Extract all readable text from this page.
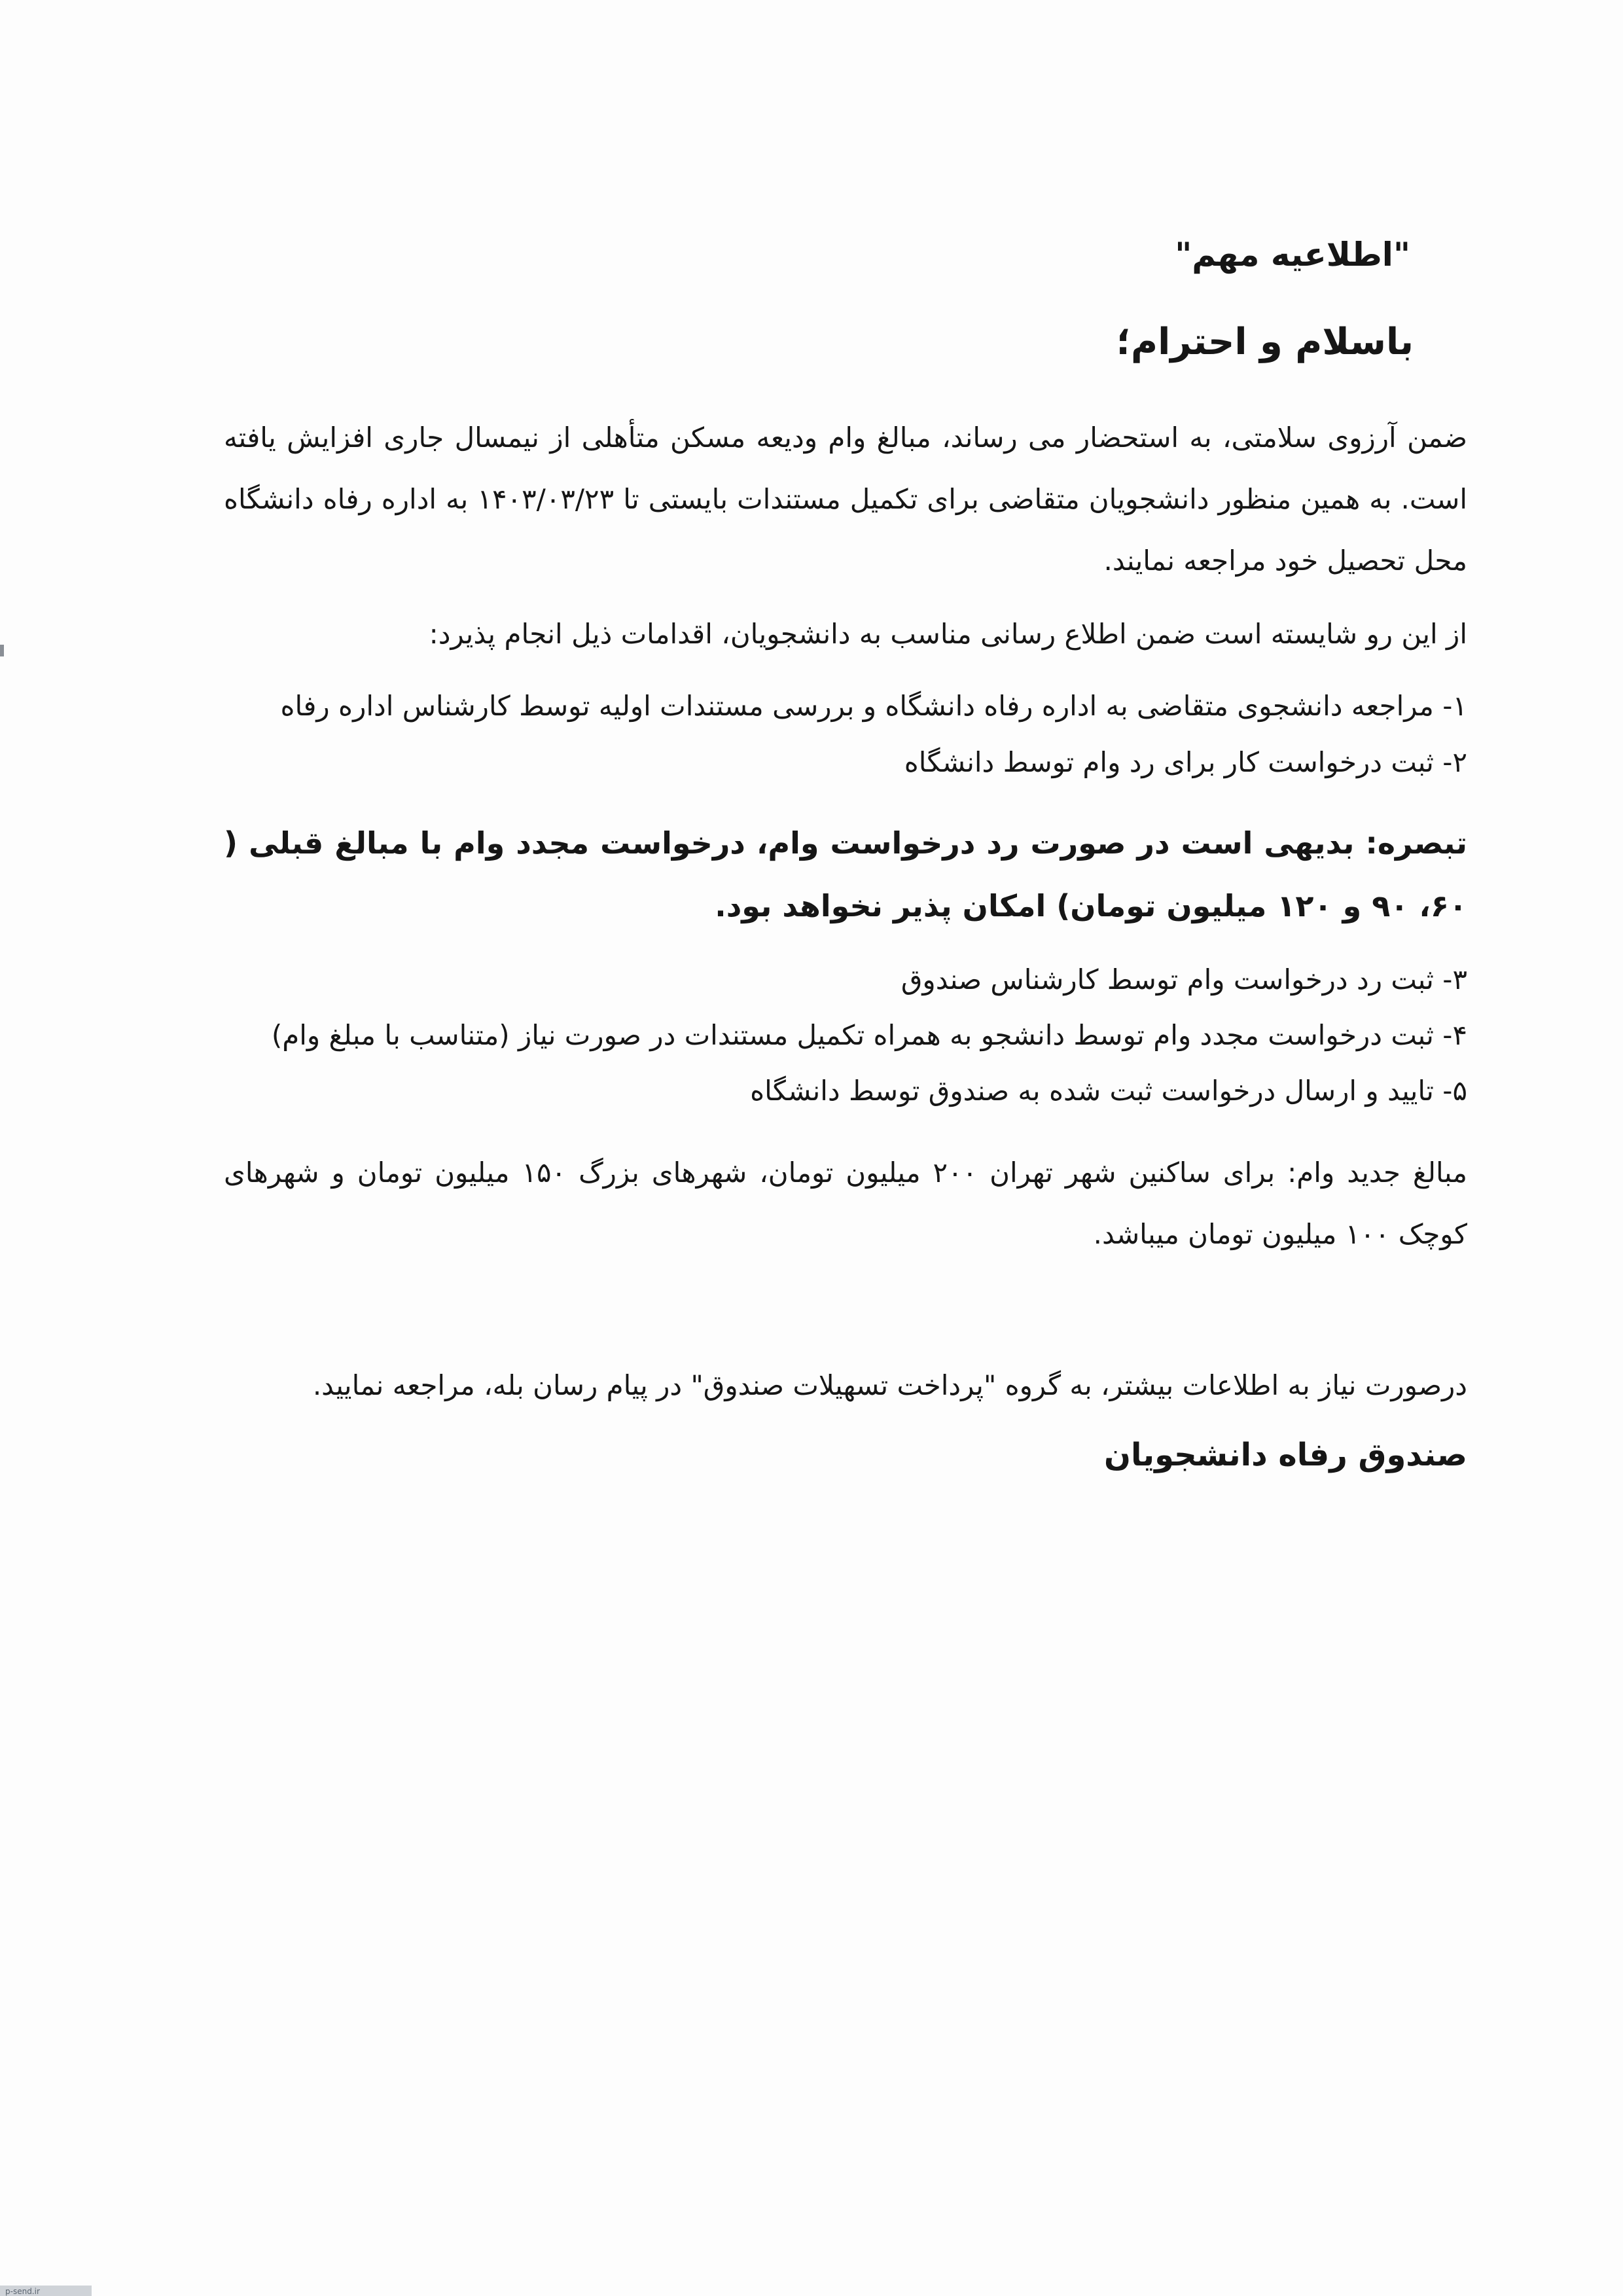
"اطلاعیه مهم"
باسلام و احترام؛
ضمن آرزوی سلامتی، به استحضار می رساند، مبالغ وام ودیعه مسکن متأهلی از نیمسال جاری افزایش یافته است. به همین منظور دانشجویان متقاضی برای تکمیل مستندات بایستی تا ۱۴۰۳/۰۳/۲۳ به اداره رفاه دانشگاه محل تحصیل خود مراجعه نمایند.
از این رو شایسته است ضمن اطلاع رسانی مناسب به دانشجویان، اقدامات ذیل انجام پذیرد:
۱- مراجعه دانشجوی متقاضی به اداره رفاه دانشگاه و بررسی مستندات اولیه توسط کارشناس اداره رفاه
۲- ثبت درخواست کار برای رد وام توسط دانشگاه
تبصره: بدیهی است در صورت رد درخواست وام، درخواست مجدد وام با مبالغ قبلی ( ۶۰، ۹۰ و ۱۲۰ میلیون تومان) امکان پذیر نخواهد بود.
۳- ثبت رد درخواست وام توسط کارشناس صندوق
۴- ثبت درخواست مجدد وام توسط دانشجو به همراه تکمیل مستندات در صورت نیاز (متناسب با مبلغ وام)
۵- تایید و ارسال درخواست ثبت شده به صندوق توسط دانشگاه
مبالغ جدید وام: برای ساکنین شهر تهران ۲۰۰ میلیون تومان، شهرهای بزرگ ۱۵۰ میلیون تومان و شهرهای کوچک ۱۰۰ میلیون تومان میباشد.
درصورت نیاز به اطلاعات بیشتر، به گروه "پرداخت تسهیلات صندوق" در پیام رسان بله، مراجعه نمایید.
صندوق رفاه دانشجویان
p-send.ir
